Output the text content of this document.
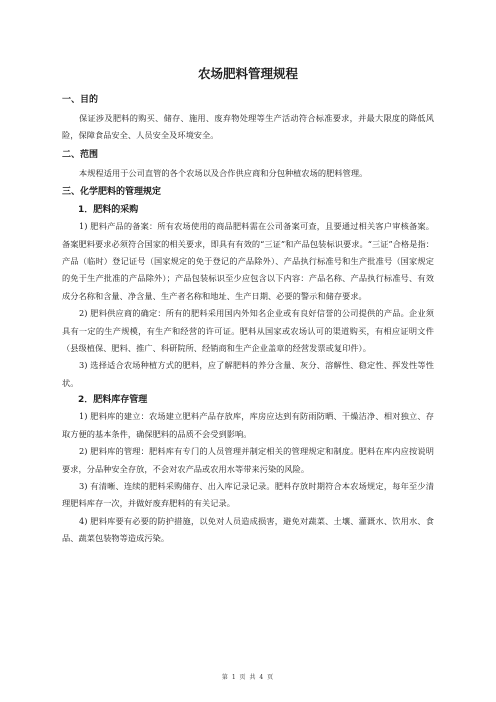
农场肥料管理规程
一、目的

保证涉及肥料的购买、储存、施用、废弃物处理等生产活动符合标准要求，并最大限度的降低风险，保障食品安全、人员安全及环境安全。

二、范围

本规程适用于公司直管的各个农场以及合作供应商和分包种植农场的肥料管理。

三、化学肥料的管理规定
1．肥料的采购

1) 肥料产品的备案：所有农场使用的商品肥料需在公司备案可查，且要通过相关客户审核备案。备案肥料要求必须符合国家的相关要求，即具有有效的“三证”和产品包装标识要求。“三证”合格是指：产品（临时）登记证号（国家规定的免于登记的产品除外）、产品执行标准号和生产批准号（国家规定的免于生产批准的产品除外）；产品包装标识至少应包含以下内容：产品名称、产品执行标准号、有效成分名称和含量、净含量、生产者名称和地址、生产日期、必要的警示和储存要求。

2) 肥料供应商的确定：所有的肥料采用国内外知名企业或有良好信誉的公司提供的产品。企业须具有一定的生产规模，有生产和经营的许可证。肥料从国家或农场认可的渠道购买，有相应证明文件（县级植保、肥料、推广、科研院所、经销商和生产企业盖章的经营发票或复印件）。

3) 选择适合农场种植方式的肥料，应了解肥料的养分含量、灰分、溶解性、稳定性、挥发性等性状。

2．肥料库存管理

1) 肥料库的建立：农场建立肥料产品存放库，库房应达到有防雨防晒、干燥洁净、相对独立、存取方便的基本条件，确保肥料的品质不会受到影响。

2) 肥料库的管理：肥料库有专门的人员管理并制定相关的管理规定和制度。肥料在库内应按说明要求，分品种安全存放，不会对农产品或农用水等带来污染的风险。

3) 有清晰、连续的肥料采购储存、出入库记录记录。肥料存放时期符合本农场规定，每年至少清理肥料库存一次，并做好废弃肥料的有关记录。

4) 肥料库要有必要的防护措施，以免对人员造成损害，避免对蔬菜、土壤、灌溉水、饮用水、食品、蔬菜包装物等造成污染。

第 1 页 共 4 页
